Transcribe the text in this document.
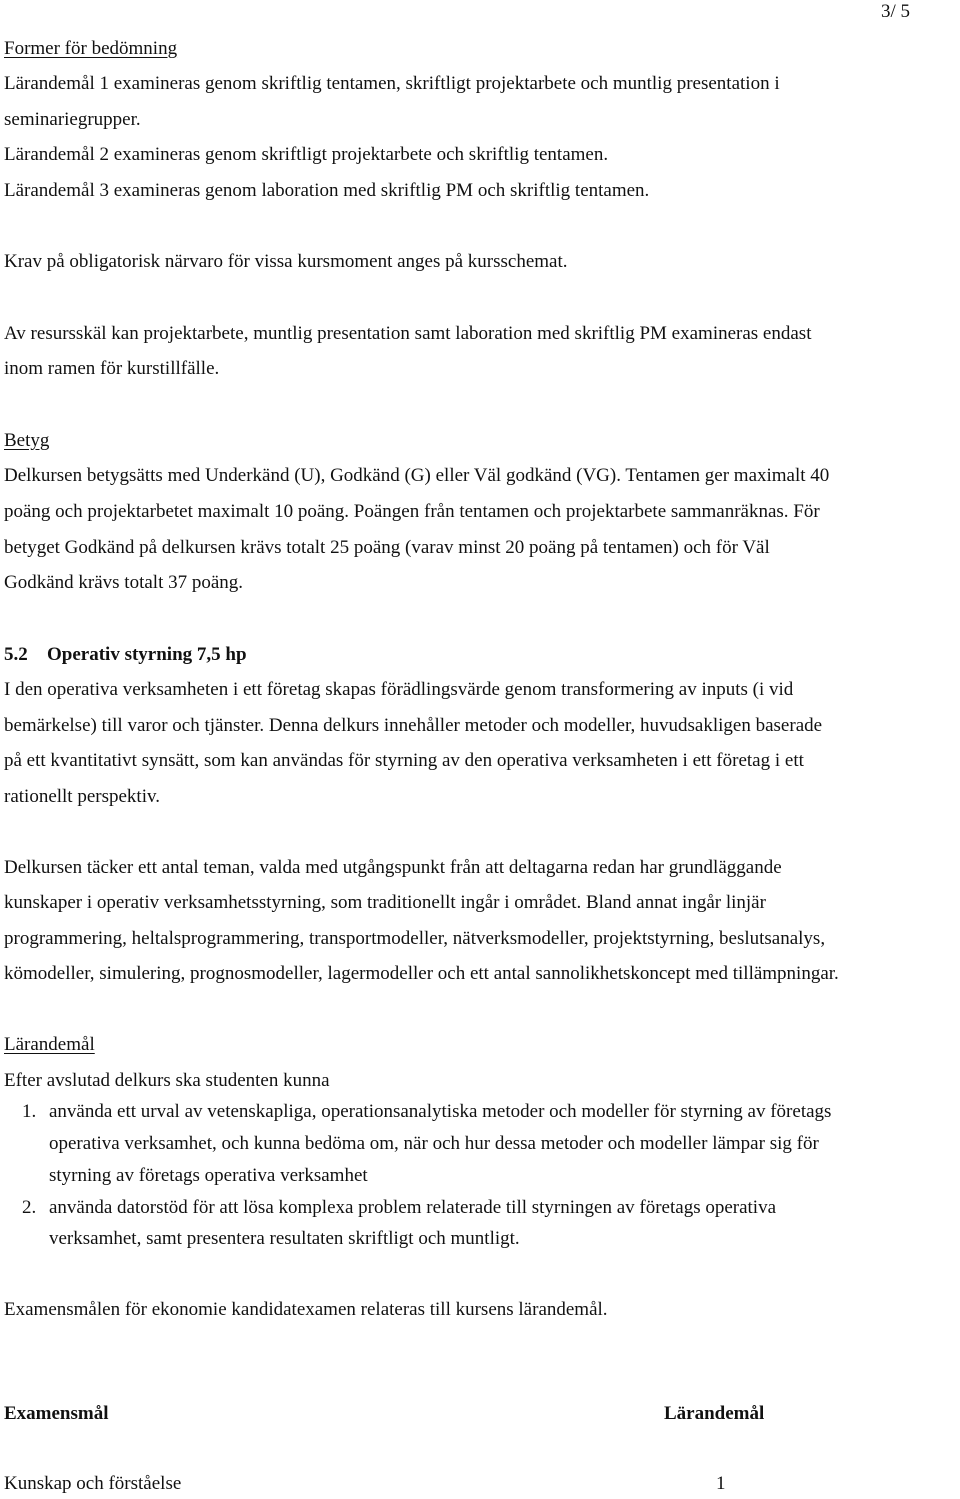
3/ 5
Former för bedömning
Lärandemål 1 examineras genom skriftlig tentamen, skriftligt projektarbete och muntlig presentation i
seminariegrupper.
Lärandemål 2 examineras genom skriftligt projektarbete och skriftlig tentamen.
Lärandemål 3 examineras genom laboration med skriftlig PM och skriftlig tentamen.
Krav på obligatorisk närvaro för vissa kursmoment anges på kursschemat.
Av resursskäl kan projektarbete, muntlig presentation samt laboration med skriftlig PM examineras endast
inom ramen för kurstillfälle.
Betyg
Delkursen betygsätts med Underkänd (U), Godkänd (G) eller Väl godkänd (VG). Tentamen ger maximalt 40
poäng och projektarbetet maximalt 10 poäng. Poängen från tentamen och projektarbete sammanräknas. För
betyget Godkänd på delkursen krävs totalt 25 poäng (varav minst 20 poäng på tentamen) och för Väl
Godkänd krävs totalt 37 poäng.
5.2 Operativ styrning 7,5 hp
I den operativa verksamheten i ett företag skapas förädlingsvärde genom transformering av inputs (i vid
bemärkelse) till varor och tjänster. Denna delkurs innehåller metoder och modeller, huvudsakligen baserade
på ett kvantitativt synsätt, som kan användas för styrning av den operativa verksamheten i ett företag i ett
rationellt perspektiv.
Delkursen täcker ett antal teman, valda med utgångspunkt från att deltagarna redan har grundläggande
kunskaper i operativ verksamhetsstyrning, som traditionellt ingår i området. Bland annat ingår linjär
programmering, heltalsprogrammering, transportmodeller, nätverksmodeller, projektstyrning, beslutsanalys,
kömodeller, simulering, prognosmodeller, lagermodeller och ett antal sannolikhetskoncept med tillämpningar.
Lärandemål
Efter avslutad delkurs ska studenten kunna
1. använda ett urval av vetenskapliga, operationsanalytiska metoder och modeller för styrning av företags
operativa verksamhet, och kunna bedöma om, när och hur dessa metoder och modeller lämpar sig för
styrning av företags operativa verksamhet
2. använda datorstöd för att lösa komplexa problem relaterade till styrningen av företags operativa
verksamhet, samt presentera resultaten skriftligt och muntligt.
Examensmålen för ekonomie kandidatexamen relateras till kursens lärandemål.
Examensmål	Lärandemål
Kunskap och förståelse	1
